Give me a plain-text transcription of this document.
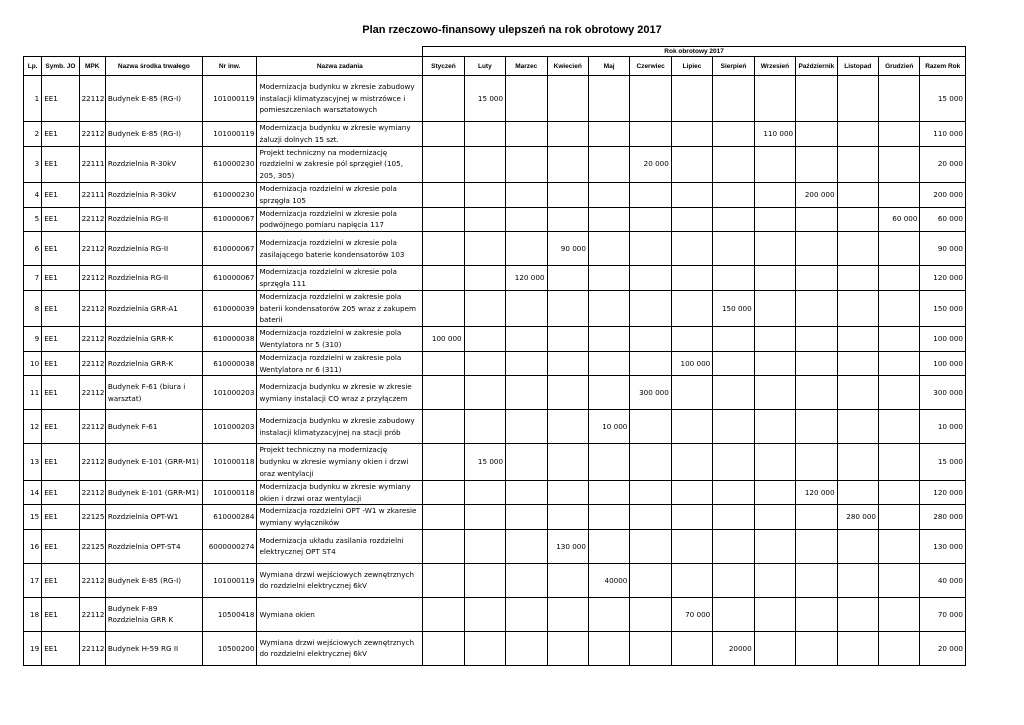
Plan rzeczowo-finansowy ulepszeń na rok obrotowy 2017
						Rok obrotowy 2017												
Lp.	Symb. JO	MPK	Nazwa środka trwałego	Nr inw.	Nazwa zadania	Styczeń	Luty	Marzec	Kwiecień	Maj	Czerwiec	Lipiec	Sierpień	Wrzesień	Październik	Listopad	Grudzień	Razem Rok
1	EE1	22112	Budynek E-85 (RG-I)	101000119	Modernizacja budynku w zkresie zabudowy instalacji klimatyzacyjnej w mistrzówce i pomieszczeniach warsztatowych		15 000											15 000
2	EE1	22112	Budynek E-85 (RG-I)	101000119	Modernizacja budynku w zkresie wymiany żaluzji dolnych 15 szt.									110 000				110 000
3	EE1	22111	Rozdzielnia R-30kV	610000230	Projekt techniczny na modernizację rozdzielni w zakresie pól sprzęgieł (105, 205, 305)						20 000							20 000
4	EE1	22111	Rozdzielnia R-30kV	610000230	Modernizacja rozdzielni w zkresie pola sprzęgła 105										200 000			200 000
5	EE1	22112	Rozdzielnia RG-II	610000067	Modernizacja rozdzielni w zkresie pola podwójnego pomiaru napięcia 117												60 000	60 000
6	EE1	22112	Rozdzielnia RG-II	610000067	Modernizacja rozdzielni w zkresie pola zasilającego baterie kondensatorów 103				90 000									90 000
7	EE1	22112	Rozdzielnia RG-II	610000067	Modernizacja rozdzielni w zkresie pola sprzęgła 111			120 000										120 000
8	EE1	22112	Rozdzielnia GRR-A1	610000039	Modernizacja rozdzielni w zakresie pola baterii kondensatorów 205 wraz z zakupem baterii								150 000					150 000
9	EE1	22112	Rozdzielnia GRR-K	610000038	Modernizacja rozdzielni w zakresie pola Wentylatora nr 5 (310)	100 000												100 000
10	EE1	22112	Rozdzielnia GRR-K	610000038	Modernizacja rozdzielni w zakresie pola Wentylatora nr 6 (311)							100 000						100 000
11	EE1	22112	Budynek F-61 (biura i warsztat)	101000203	Modernizacja budynku w zkresie w zkresie wymiany instalacji CO wraz z przyłączem						300 000							300 000
12	EE1	22112	Budynek F-61	101000203	Modernizacja budynku w zkresie zabudowy instalacji klimatyzacyjnej na stacji prób					10 000								10 000
13	EE1	22112	Budynek E-101 (GRR-M1)	101000118	Projekt techniczny na modernizację budynku w zkresie wymiany okien i drzwi oraz wentylacji		15 000											15 000
14	EE1	22112	Budynek E-101 (GRR-M1)	101000118	Modernizacja budynku w zkresie wymiany okien i drzwi oraz wentylacji										120 000			120 000
15	EE1	22125	Rozdzielnia OPT-W1	610000284	Modernizacja rozdzielni OPT -W1 w zkaresie wymiany wyłączników											280 000		280 000
16	EE1	22125	Rozdzielnia OPT-ST4	6000000274	Modernizacja układu zasilania rozdzielni elektrycznej OPT ST4				130 000									130 000
17	EE1	22112	Budynek E-85 (RG-I)	101000119	Wymiana drzwi wejściowych zewnętrznych do rozdzielni elektrycznej 6kV					40000								40 000
18	EE1	22112	Budynek F-89 Rozdzielnia GRR K	10500418	Wymiana okien							70 000						70 000
19	EE1	22112	Budynek H-59 RG II	10500200	Wymiana drzwi wejściowych zewnętrznych do rozdzielni elektrycznej 6kV								20000					20 000
